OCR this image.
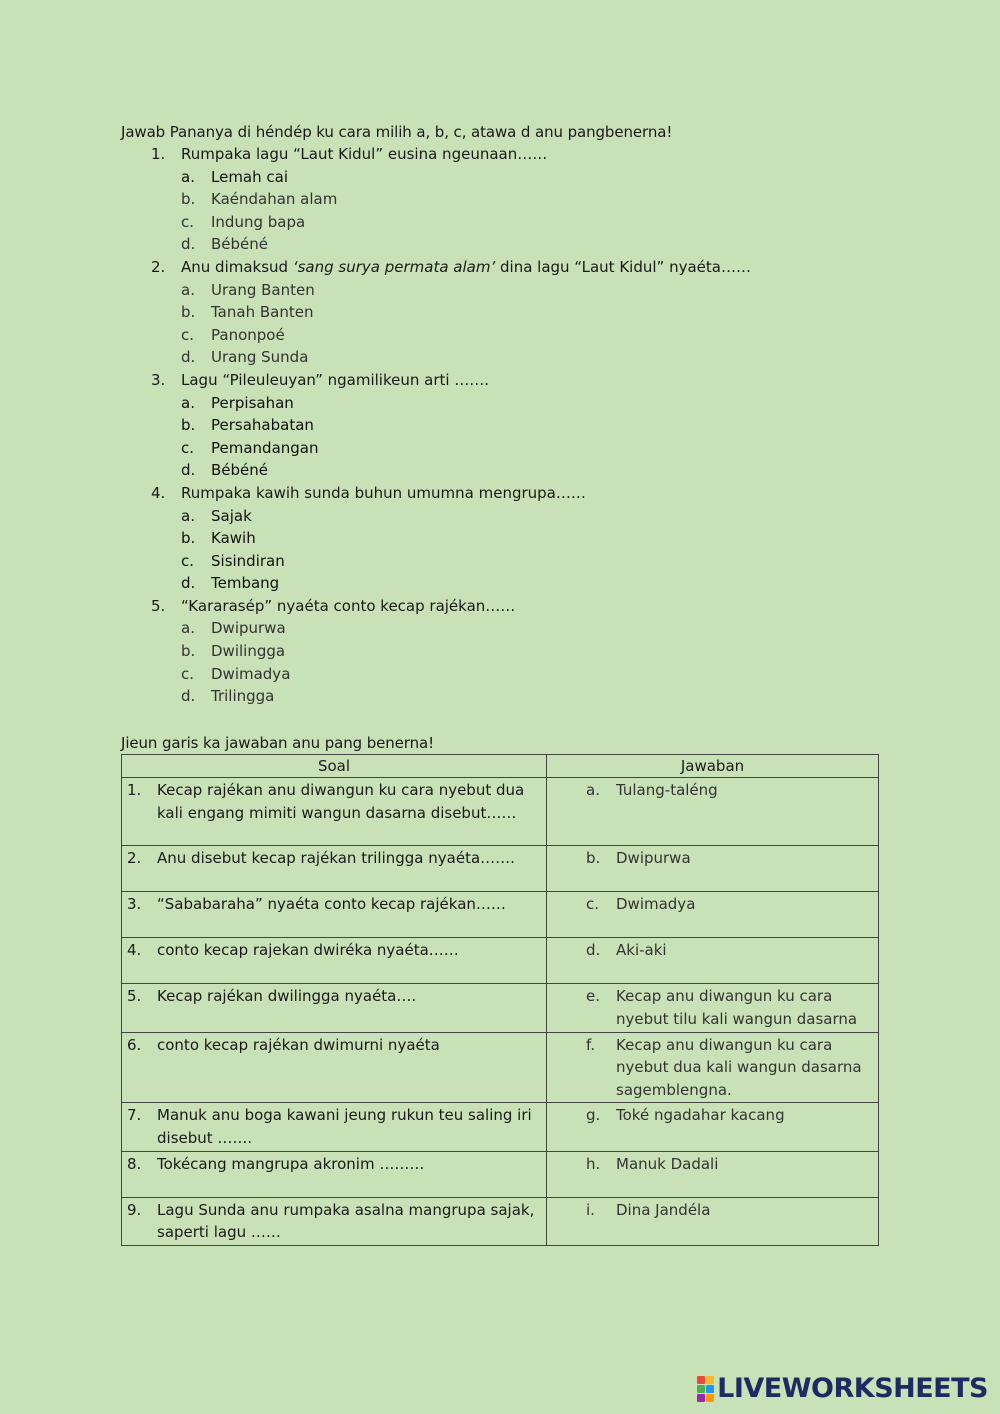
Jawab Pananya di héndép ku cara milih a, b, c, atawa d anu pangbenerna!

1. Rumpaka lagu “Laut Kidul” eusina ngeunaan……
a. Lemah cai
b. Kaéndahan alam
c. Indung bapa
d. Bébéné
2. Anu dimaksud ‘sang surya permata alam’ dina lagu “Laut Kidul” nyaéta……
a. Urang Banten
b. Tanah Banten
c. Panonpoé
d. Urang Sunda
3. Lagu “Pileuleuyan” ngamilikeun arti …….
a. Perpisahan
b. Persahabatan
c. Pemandangan
d. Bébéné
4. Rumpaka kawih sunda buhun umumna mengrupa……
a. Sajak
b. Kawih
c. Sisindiran
d. Tembang
5. “Kararasép” nyaéta conto kecap rajékan……
a. Dwipurwa
b. Dwilingga
c. Dwimadya
d. Trilingga

Jieun garis ka jawaban anu pang benerna!

Soal	Jawaban

1. Kecap rajékan anu diwangun ku cara nyebut dua kali engang mimiti wangun dasarna disebut……	a. Tulang-taléng

2. Anu disebut kecap rajékan trilingga nyaéta…….	b. Dwipurwa

3. “Sababaraha” nyaéta conto kecap rajékan……	c. Dwimadya

4. conto kecap rajekan dwiréka nyaéta……	d. Aki-aki

5. Kecap rajékan dwilingga nyaéta….	e. Kecap anu diwangun ku cara nyebut tilu kali wangun dasarna

6. conto kecap rajékan dwimurni nyaéta	f. Kecap anu diwangun ku cara nyebut dua kali wangun dasarna sagemblengna.

7. Manuk anu boga kawani jeung rukun teu saling iri disebut …….	g. Toké ngadahar kacang

8. Tokécang mangrupa akronim ………	h. Manuk Dadali

9. Lagu Sunda anu rumpaka asalna mangrupa sajak, saperti lagu ……	i. Dina Jandéla
LIVEWORKSHEETS
